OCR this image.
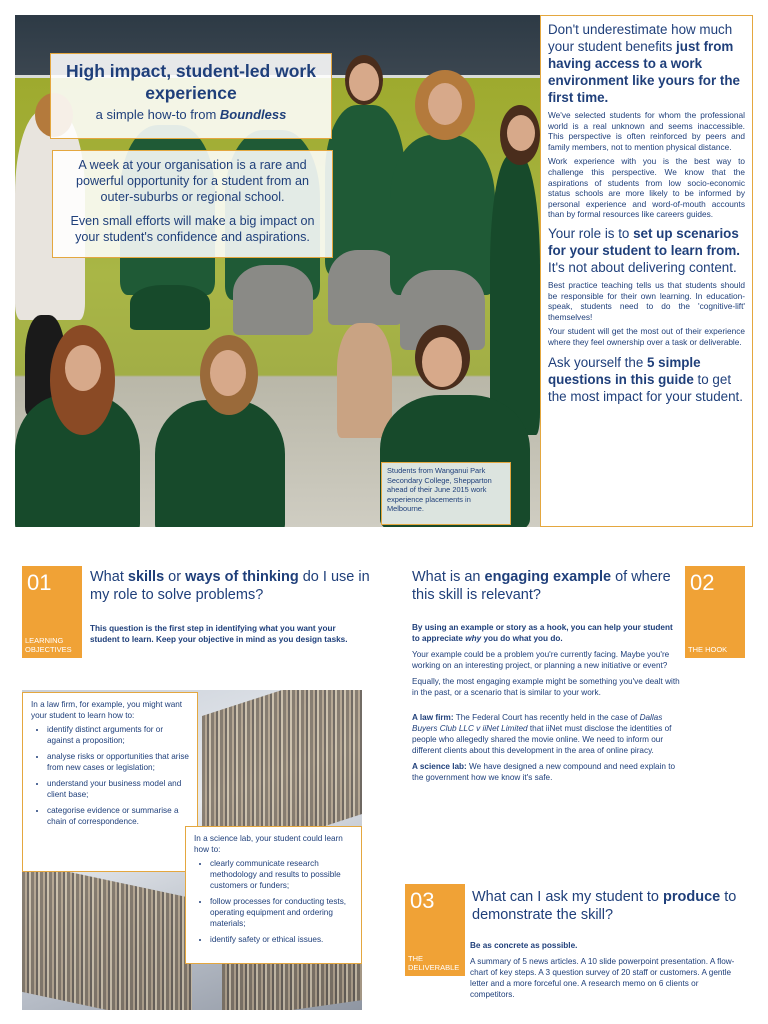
High impact, student-led work experience
a simple how-to from Boundless

A week at your organisation is a rare and powerful opportunity for a student from an outer-suburbs or regional school.

Even small efforts will make a big impact on your student's confidence and aspirations.

Students from Wanganui Park Secondary College, Shepparton ahead of their June 2015 work experience placements in Melbourne.
Don't underestimate how much your student benefits just from having access to a work environment like yours for the first time.

We've selected students for whom the professional world is a real unknown and seems inaccessible. This perspective is often reinforced by peers and family members, not to mention physical distance.

Work experience with you is the best way to challenge this perspective. We know that the aspirations of students from low socio-economic status schools are more likely to be informed by personal experience and word-of-mouth accounts than by formal resources like careers guides.

Your role is to set up scenarios for your student to learn from. It's not about delivering content.

Best practice teaching tells us that students should be responsible for their own learning. In education-speak, students need to do the 'cognitive-lift' themselves!

Your student will get the most out of their experience where they feel ownership over a task or deliverable.

Ask yourself the 5 simple questions in this guide to get the most impact for your student.
01
LEARNING OBJECTIVES
What skills or ways of thinking do I use in my role to solve problems?

This question is the first step in identifying what you want your student to learn. Keep your objective in mind as you design tasks.

In a law firm, for example, you might want your student to learn how to:
• identify distinct arguments for or against a proposition;
• analyse risks or opportunities that arise from new cases or legislation;
• understand your business model and client base;
• categorise evidence or summarise a chain of correspondence.
In a science lab, your student could learn how to:
• clearly communicate research methodology and results to possible customers or funders;
• follow processes for conducting tests, operating equipment and ordering materials;
• identify safety or ethical issues.
What is an engaging example of where this skill is relevant?	02
THE HOOK

By using an example or story as a hook, you can help your student to appreciate why you do what you do.

Your example could be a problem you're currently facing. Maybe you're working on an interesting project, or planning a new initiative or event?

Equally, the most engaging example might be something you've dealt with in the past, or a scenario that is similar to your work.

A law firm: The Federal Court has recently held in the case of Dallas Buyers Club LLC v iiNet Limited that iiNet must disclose the identities of people who allegedly shared the movie online. We need to inform our different clients about this development in the area of online piracy.

A science lab: We have designed a new compound and need explain to the government how we know it's safe.

03
THE DELIVERABLE
What can I ask my student to produce to demonstrate the skill?

Be as concrete as possible.

A summary of 5 news articles. A 10 slide powerpoint presentation. A flow-chart of key steps. A 3 question survey of 20 staff or customers. A gentle letter and a more forceful one. A research memo on 6 clients or competitors.
